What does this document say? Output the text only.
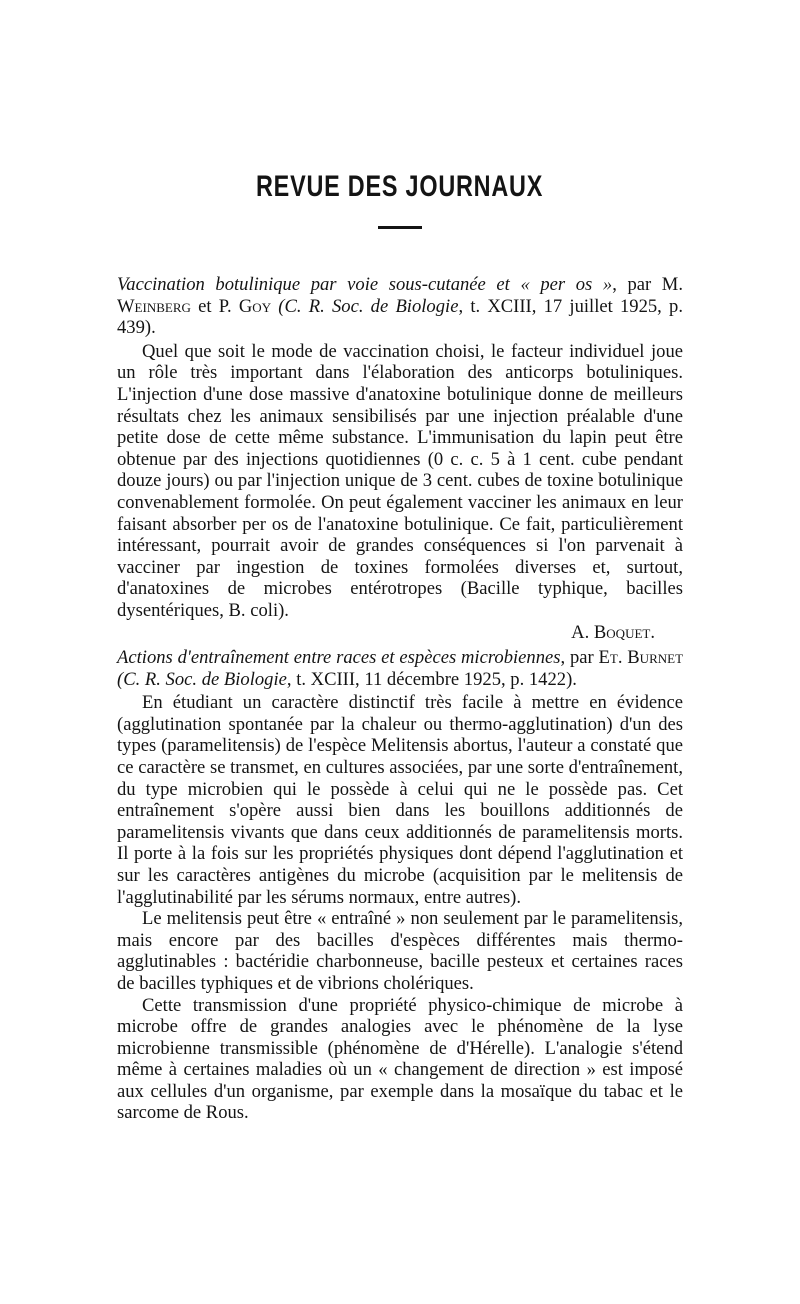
REVUE DES JOURNAUX

Vaccination botulinique par voie sous-cutanée et « per os », par M. Weinberg et P. Goy (C. R. Soc. de Biologie, t. XCIII, 17 juillet 1925, p. 439).

Quel que soit le mode de vaccination choisi, le facteur individuel joue un rôle très important dans l'élaboration des anticorps botuliniques. L'injection d'une dose massive d'anatoxine botulinique donne de meilleurs résultats chez les animaux sensibilisés par une injection préalable d'une petite dose de cette même substance. L'immunisation du lapin peut être obtenue par des injections quotidiennes (0 c. c. 5 à 1 cent. cube pendant douze jours) ou par l'injection unique de 3 cent. cubes de toxine botulinique convenablement formolée. On peut également vacciner les animaux en leur faisant absorber per os de l'anatoxine botulinique. Ce fait, particulièrement intéressant, pourrait avoir de grandes conséquences si l'on parvenait à vacciner par ingestion de toxines formolées diverses et, surtout, d'anatoxines de microbes entérotropes (Bacille typhique, bacilles dysentériques, B. coli).

A. Boquet.

Actions d'entraînement entre races et espèces microbiennes, par Et. Burnet (C. R. Soc. de Biologie, t. XCIII, 11 décembre 1925, p. 1422).

En étudiant un caractère distinctif très facile à mettre en évidence (agglutination spontanée par la chaleur ou thermo-agglutination) d'un des types (paramelitensis) de l'espèce Melitensis abortus, l'auteur a constaté que ce caractère se transmet, en cultures associées, par une sorte d'entraînement, du type microbien qui le possède à celui qui ne le possède pas. Cet entraînement s'opère aussi bien dans les bouillons additionnés de paramelitensis vivants que dans ceux additionnés de paramelitensis morts. Il porte à la fois sur les propriétés physiques dont dépend l'agglutination et sur les caractères antigènes du microbe (acquisition par le melitensis de l'agglutinabilité par les sérums normaux, entre autres).

Le melitensis peut être « entraîné » non seulement par le paramelitensis, mais encore par des bacilles d'espèces différentes mais thermo-agglutinables : bactéridie charbonneuse, bacille pesteux et certaines races de bacilles typhiques et de vibrions cholériques.

Cette transmission d'une propriété physico-chimique de microbe à microbe offre de grandes analogies avec le phénomène de la lyse microbienne transmissible (phénomène de d'Hérelle). L'analogie s'étend même à certaines maladies où un « changement de direction » est imposé aux cellules d'un organisme, par exemple dans la mosaïque du tabac et le sarcome de Rous.
